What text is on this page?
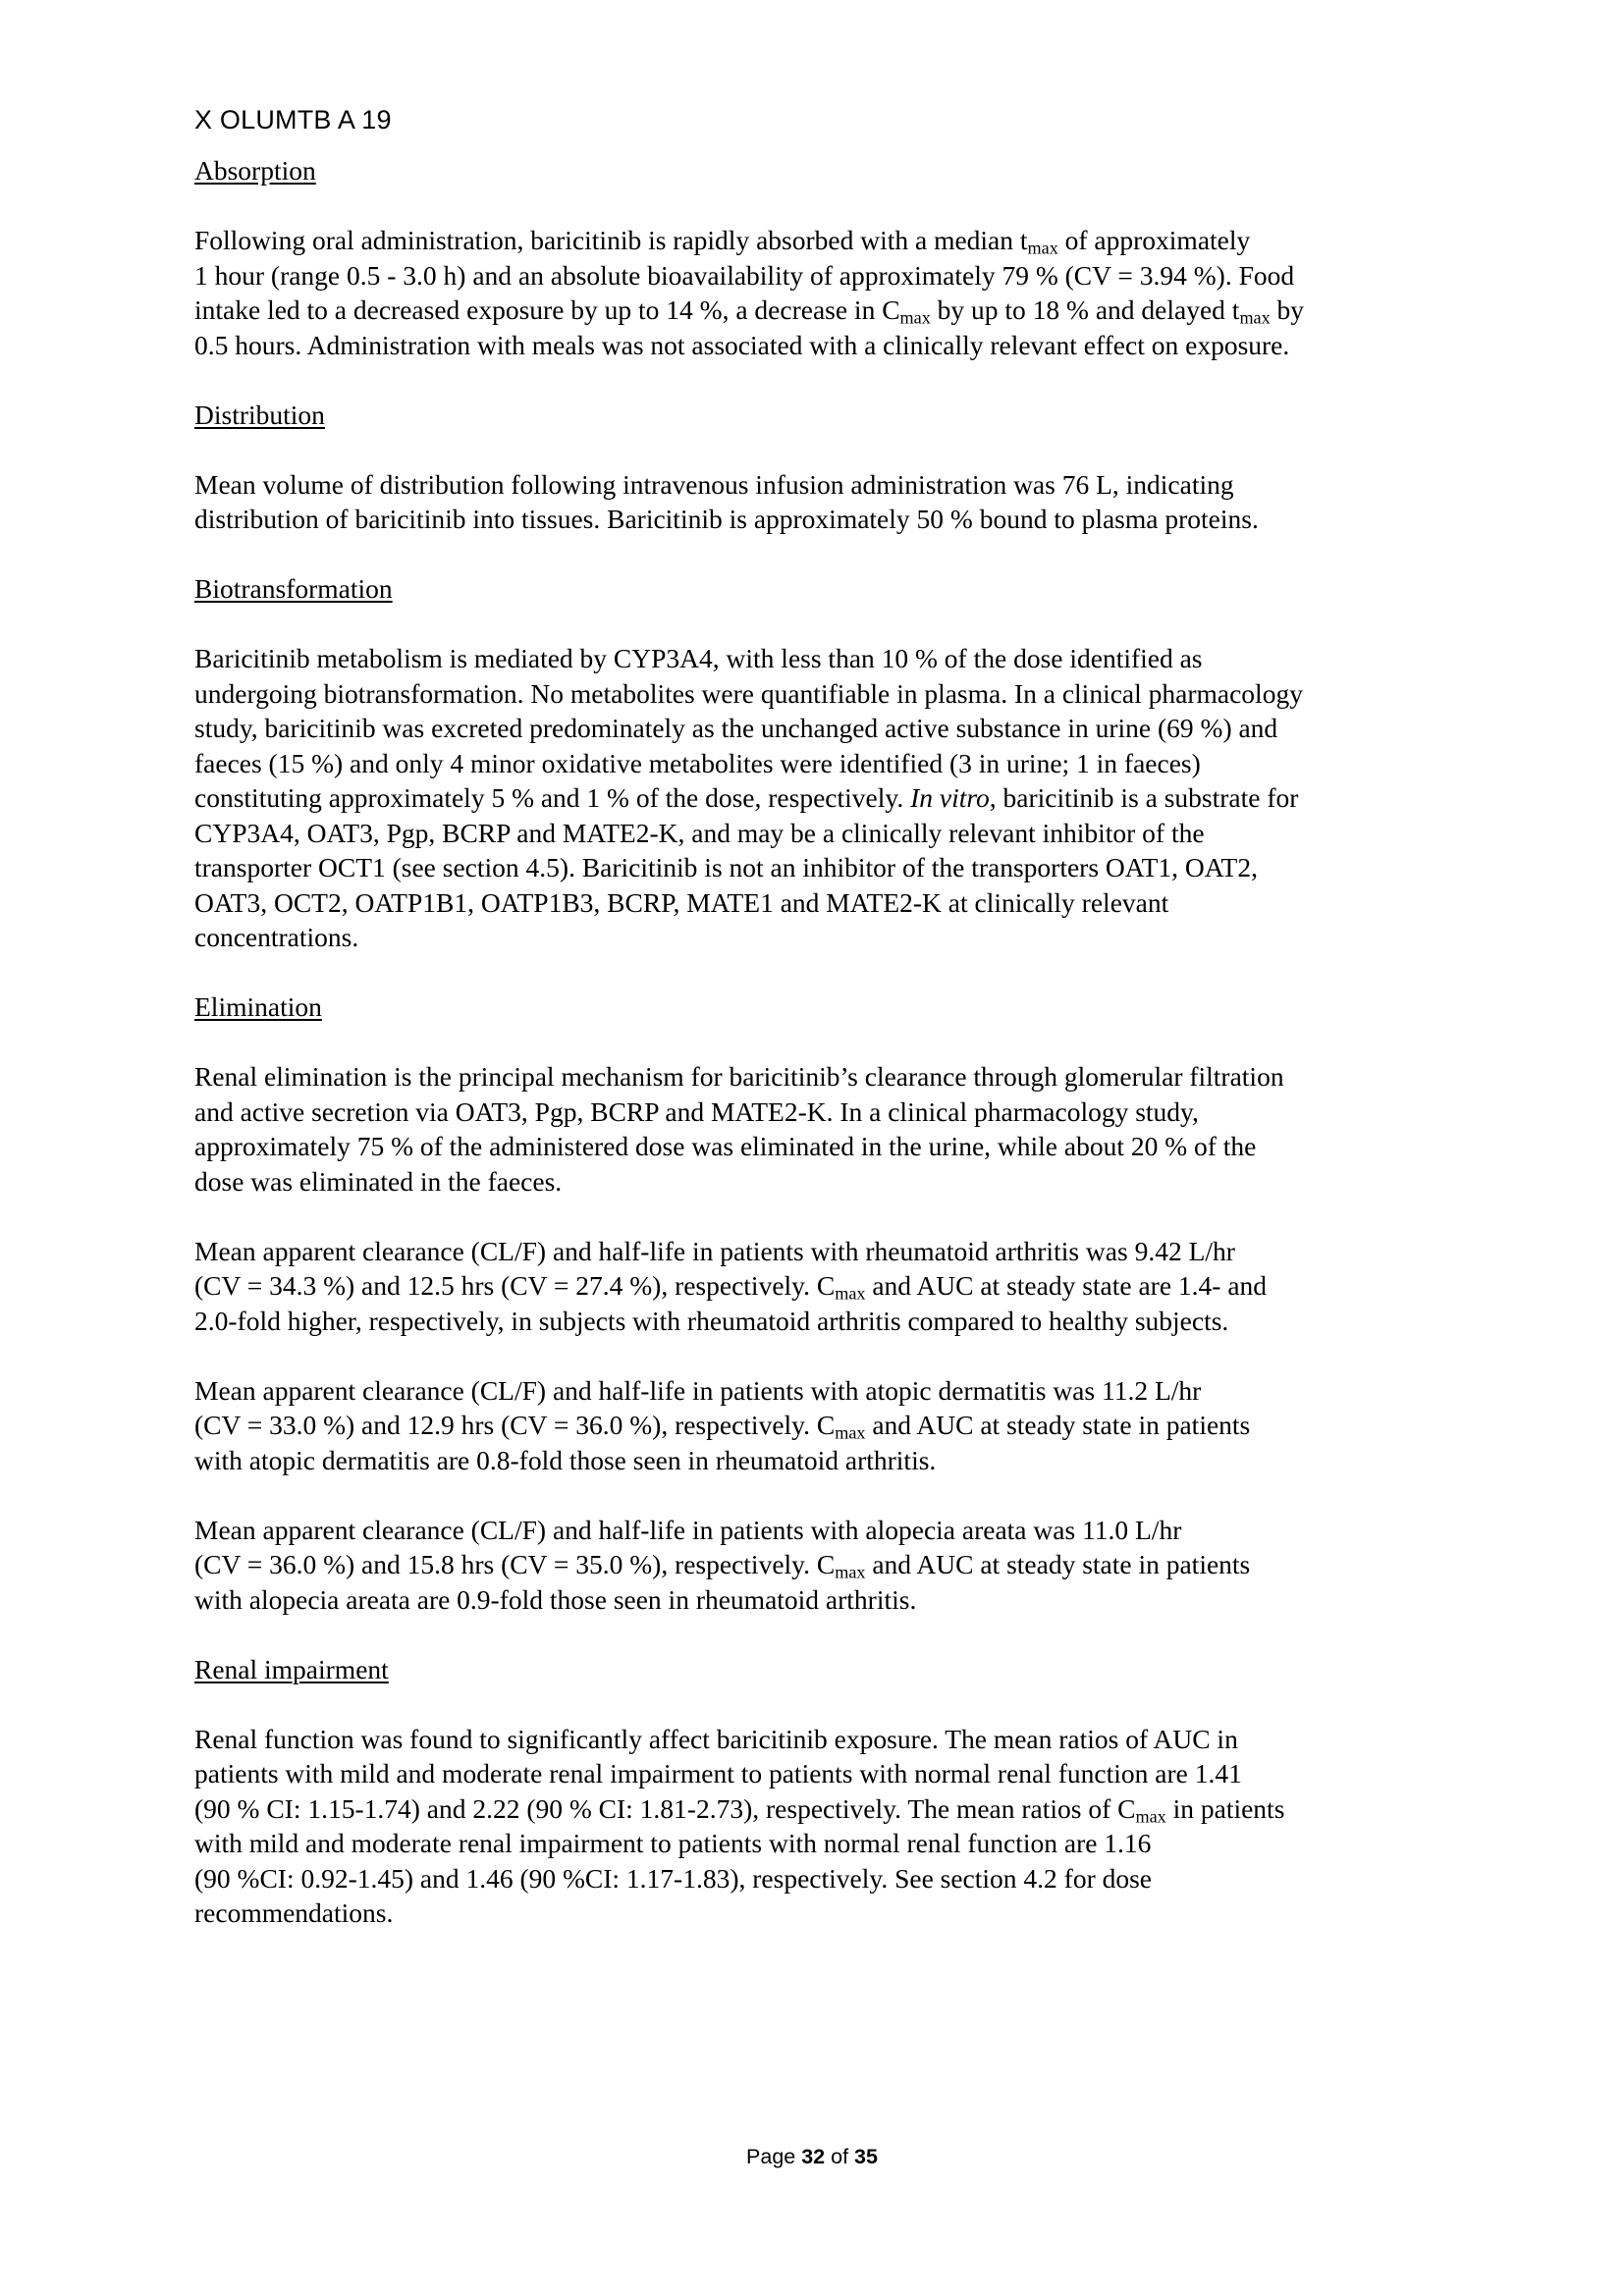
X OLUMTB A 19
Absorption
Following oral administration, baricitinib is rapidly absorbed with a median $t_{max}$ of approximately
1 hour (range 0.5 - 3.0 h) and an absolute bioavailability of approximately 79 % (CV = 3.94 %). Food
intake led to a decreased exposure by up to 14 %, a decrease in $C_{max}$ by up to 18 % and delayed $t_{max}$ by
0.5 hours. Administration with meals was not associated with a clinically relevant effect on exposure.
Distribution
Mean volume of distribution following intravenous infusion administration was 76 L, indicating
distribution of baricitinib into tissues. Baricitinib is approximately 50 % bound to plasma proteins.
Biotransformation
Baricitinib metabolism is mediated by CYP3A4, with less than 10 % of the dose identified as
undergoing biotransformation. No metabolites were quantifiable in plasma. In a clinical pharmacology
study, baricitinib was excreted predominately as the unchanged active substance in urine (69 %) and
faeces (15 %) and only 4 minor oxidative metabolites were identified (3 in urine; 1 in faeces)
constituting approximately 5 % and 1 % of the dose, respectively. In vitro, baricitinib is a substrate for
CYP3A4, OAT3, Pgp, BCRP and MATE2-K, and may be a clinically relevant inhibitor of the
transporter OCT1 (see section 4.5). Baricitinib is not an inhibitor of the transporters OAT1, OAT2,
OAT3, OCT2, OATP1B1, OATP1B3, BCRP, MATE1 and MATE2-K at clinically relevant
concentrations.
Elimination
Renal elimination is the principal mechanism for baricitinib’s clearance through glomerular filtration
and active secretion via OAT3, Pgp, BCRP and MATE2-K. In a clinical pharmacology study,
approximately 75 % of the administered dose was eliminated in the urine, while about 20 % of the
dose was eliminated in the faeces.
Mean apparent clearance (CL/F) and half-life in patients with rheumatoid arthritis was 9.42 L/hr
(CV = 34.3 %) and 12.5 hrs (CV = 27.4 %), respectively. $C_{max}$ and AUC at steady state are 1.4- and
2.0-fold higher, respectively, in subjects with rheumatoid arthritis compared to healthy subjects.
Mean apparent clearance (CL/F) and half-life in patients with atopic dermatitis was 11.2 L/hr
(CV = 33.0 %) and 12.9 hrs (CV = 36.0 %), respectively. $C_{max}$ and AUC at steady state in patients
with atopic dermatitis are 0.8-fold those seen in rheumatoid arthritis.
Mean apparent clearance (CL/F) and half-life in patients with alopecia areata was 11.0 L/hr
(CV = 36.0 %) and 15.8 hrs (CV = 35.0 %), respectively. $C_{max}$ and AUC at steady state in patients
with alopecia areata are 0.9-fold those seen in rheumatoid arthritis.
Renal impairment
Renal function was found to significantly affect baricitinib exposure. The mean ratios of AUC in
patients with mild and moderate renal impairment to patients with normal renal function are 1.41
(90 % CI: 1.15-1.74) and 2.22 (90 % CI: 1.81-2.73), respectively. The mean ratios of $C_{max}$ in patients
with mild and moderate renal impairment to patients with normal renal function are 1.16
(90 %CI: 0.92-1.45) and 1.46 (90 %CI: 1.17-1.83), respectively. See section 4.2 for dose
recommendations.
Page 32 of 35
